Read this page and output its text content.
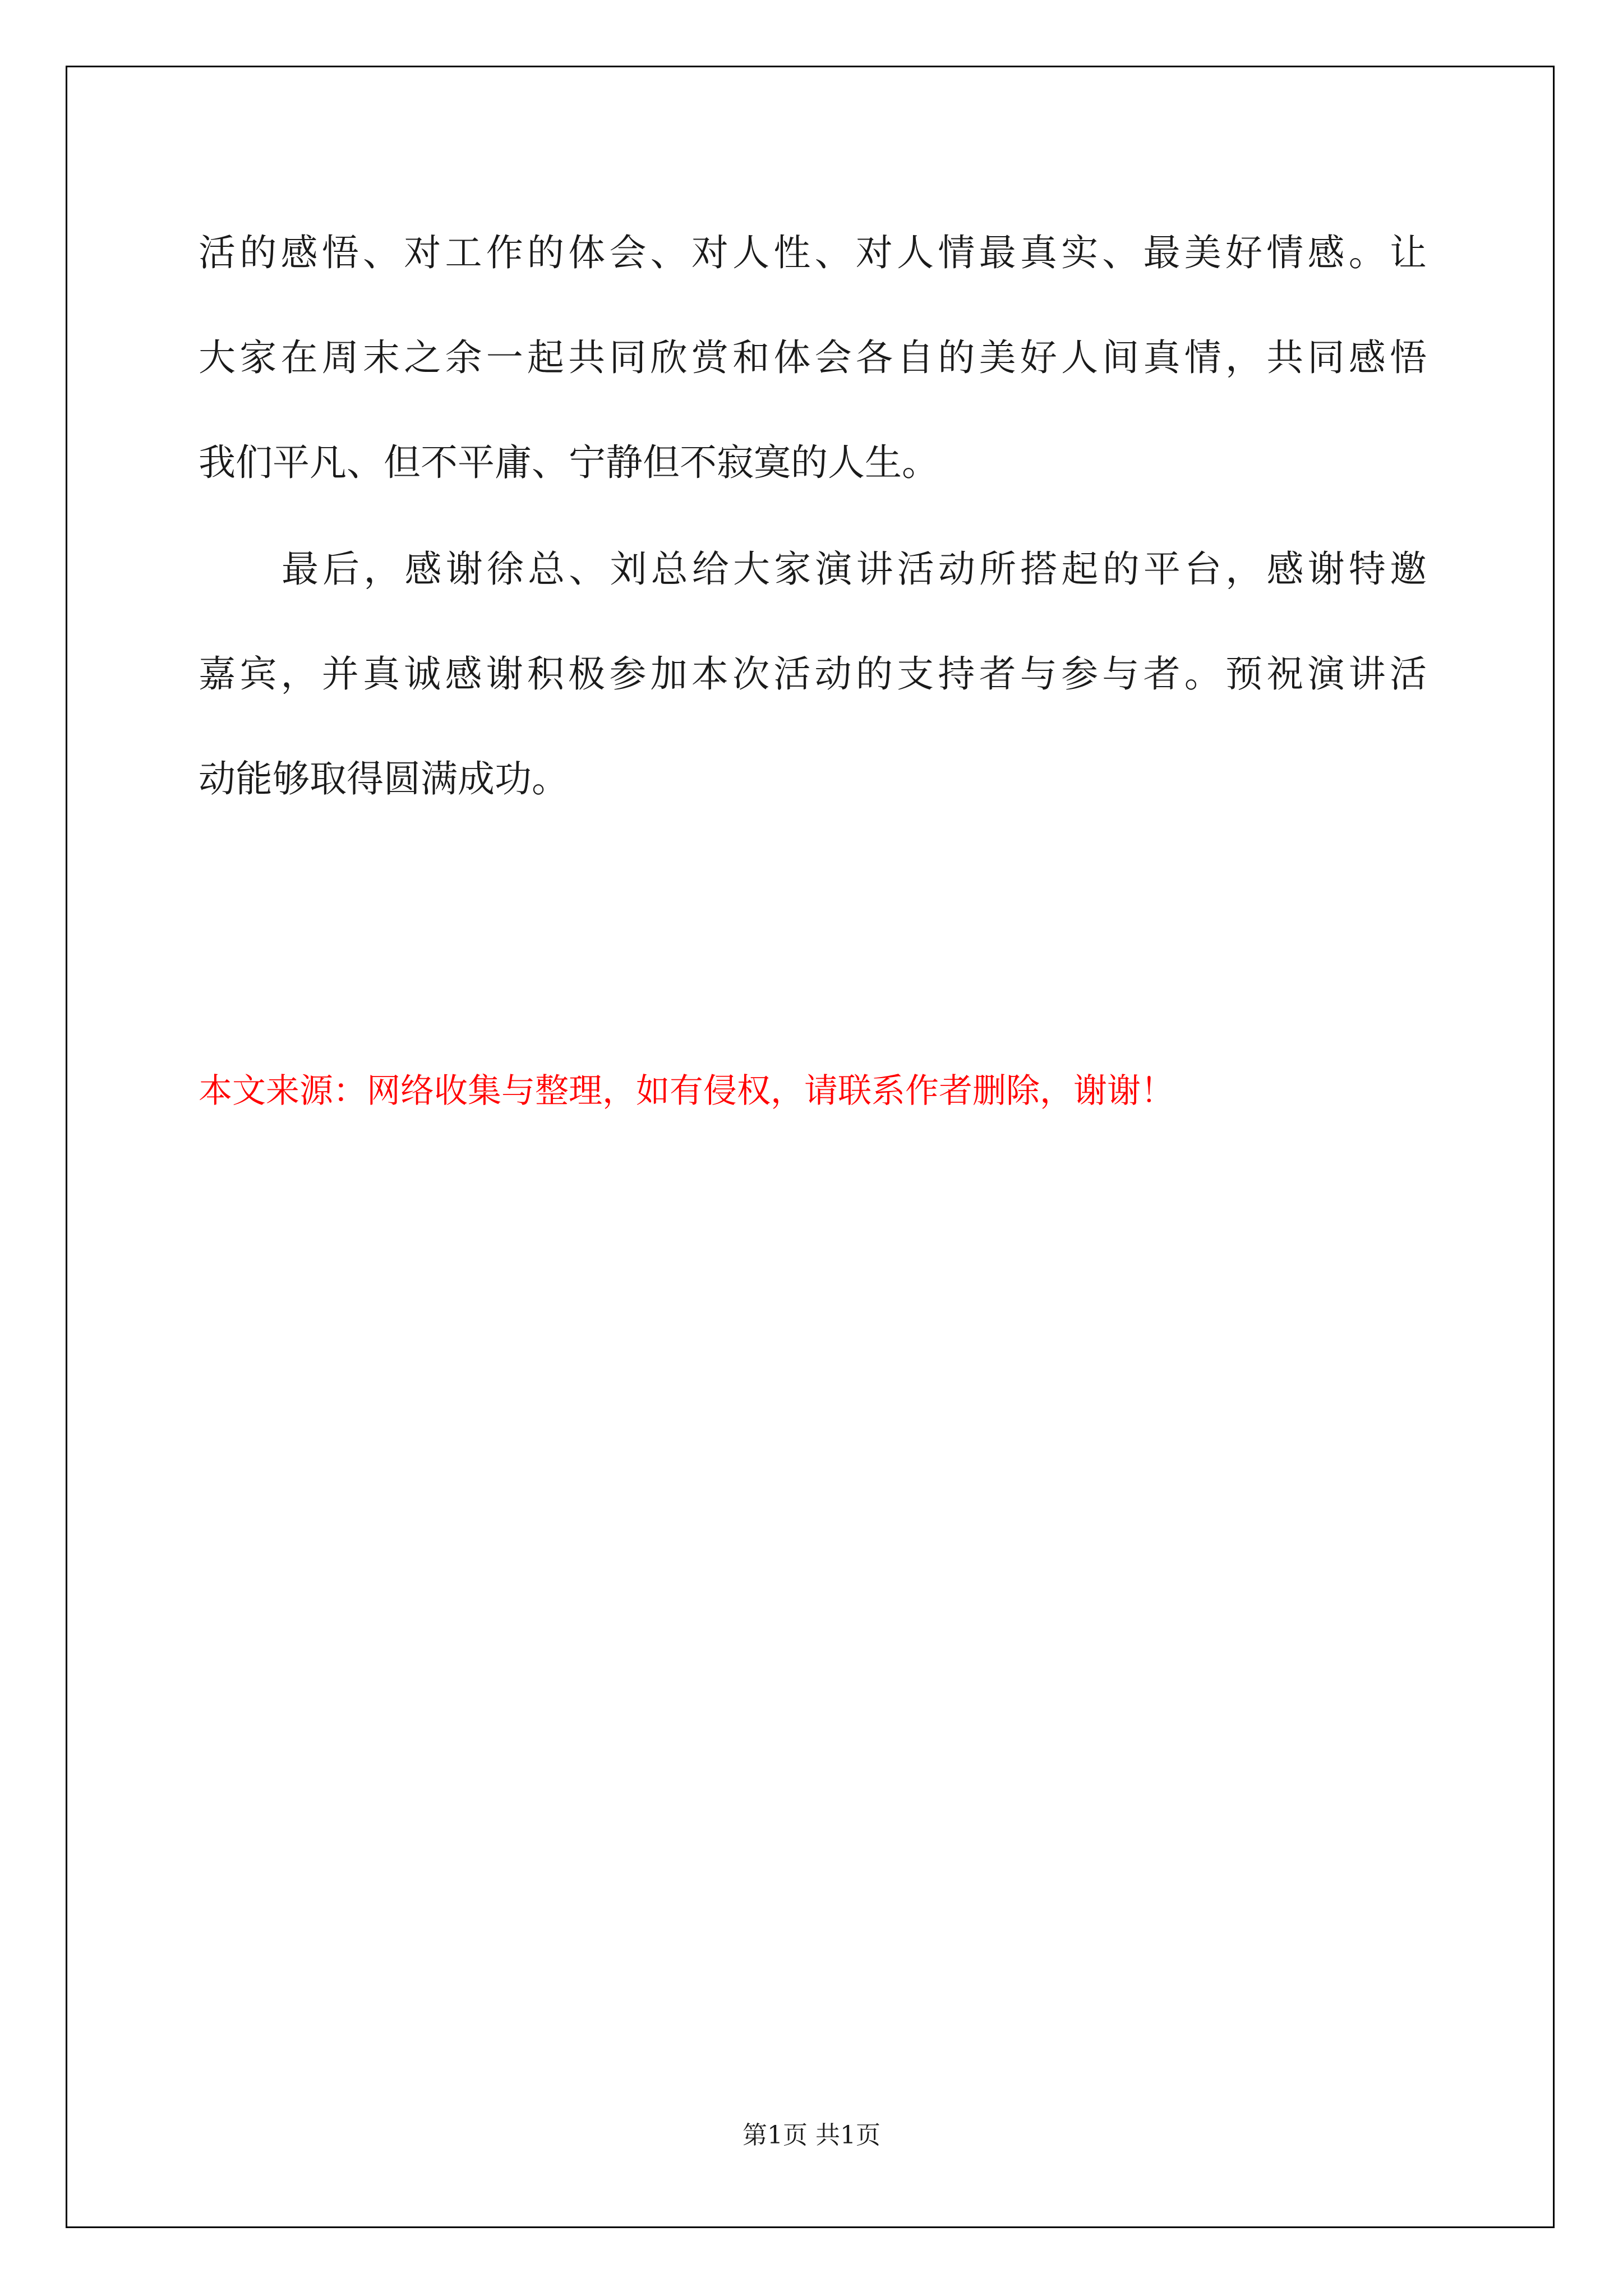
活的感悟、对工作的体会、对人性、对人情最真实、最美好情感。让
大家在周末之余一起共同欣赏和体会各自的美好人间真情，共同感悟
我们平凡、但不平庸、宁静但不寂寞的人生。
最后，感谢徐总、刘总给大家演讲活动所搭起的平台，感谢特邀
嘉宾，并真诚感谢积极参加本次活动的支持者与参与者。预祝演讲活
动能够取得圆满成功。
本文来源：网络收集与整理，如有侵权，请联系作者删除，谢谢！
第1页 共1页
